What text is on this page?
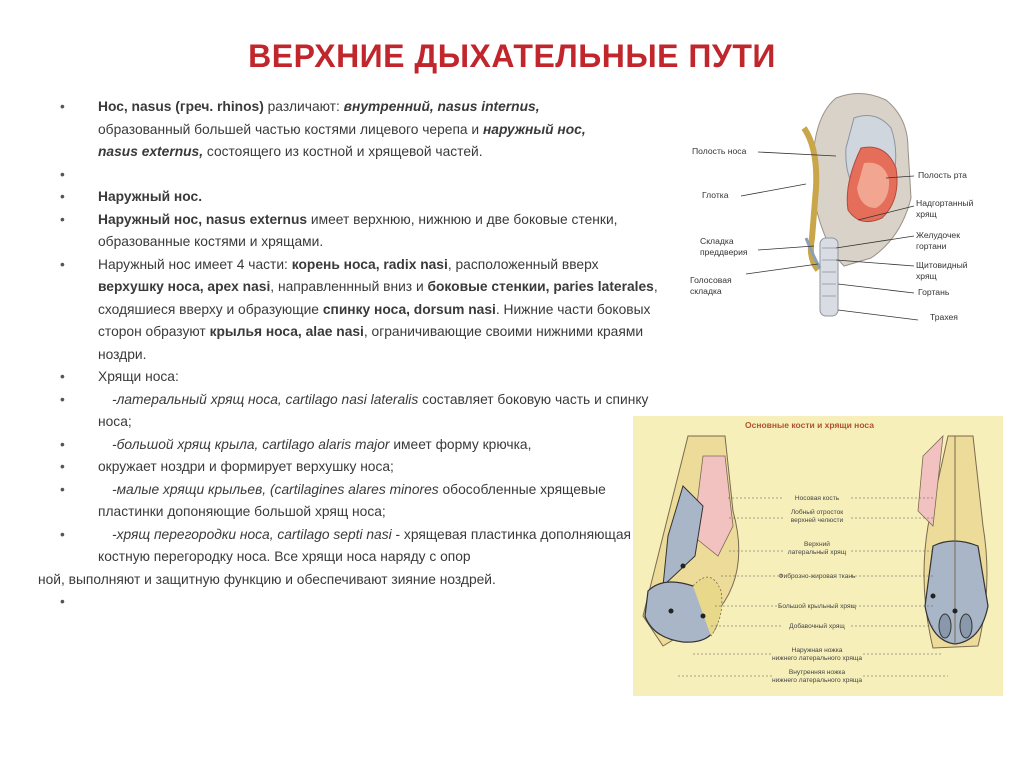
ВЕРХНИЕ ДЫХАТЕЛЬНЫЕ ПУТИ
• Нос, nasus (греч. rhinos) различают: внутренний, nasus internus,
образованный большей частью костями лицевого черепа и наружный нос,
nasus externus, состоящего из костной и хрящевой частей.
•
• Наружный нос.
• Наружный нос, nasus externus имеет верхнюю, нижнюю и две боковые стенки, образованные костями и хрящами.
• Наружный нос имеет 4 части: корень носа, radix nasi, расположенный вверх
верхушку носа, apex nasi, направленнный вниз и боковые стенкии, paries laterales, сходяшиеся вверху и образующие спинку носа, dorsum nasi. Нижние части боковых сторон образуют крылья носа, alae nasi, ограничивающие своими нижними краями ноздри.
• Хрящи носа:
• -латеральный хрящ носа, cartilago nasi lateralis составляет боковую часть и спинку носа;
• -большой хрящ крыла, cartilago alaris major имеет форму крючка,
• окружает ноздри и формирует верхушку носа;
• -малые хрящи крыльев, (cartilagines alares minores обособленные хрящевые пластинки допоняющие большой хрящ носа;
• -хрящ перегородки носа, cartilago septi nasi - хрящевая пластинка дополняющая костную перегородку носа. Все хрящи носа наряду с опор
ной, выполняют и защитную функцию и обеспечивают зияние ноздрей.
•
Полость носа
Глотка
Складка преддверия
Голосовая складка
Полость рта
Надгортанный хрящ
Желудочек гортани
Щитовидный хрящ
Гортань
Трахея
Основные кости и хрящи носа
Носовая кость
Лобный отросток верхней челюсти
Верхний латеральный хрящ
Фиброзно-жировая ткань
Большой крыльный хрящ
Добавочный хрящ
Наружная ножка нижнего латерального хряща
Внутренняя ножка нижнего латерального хряща
